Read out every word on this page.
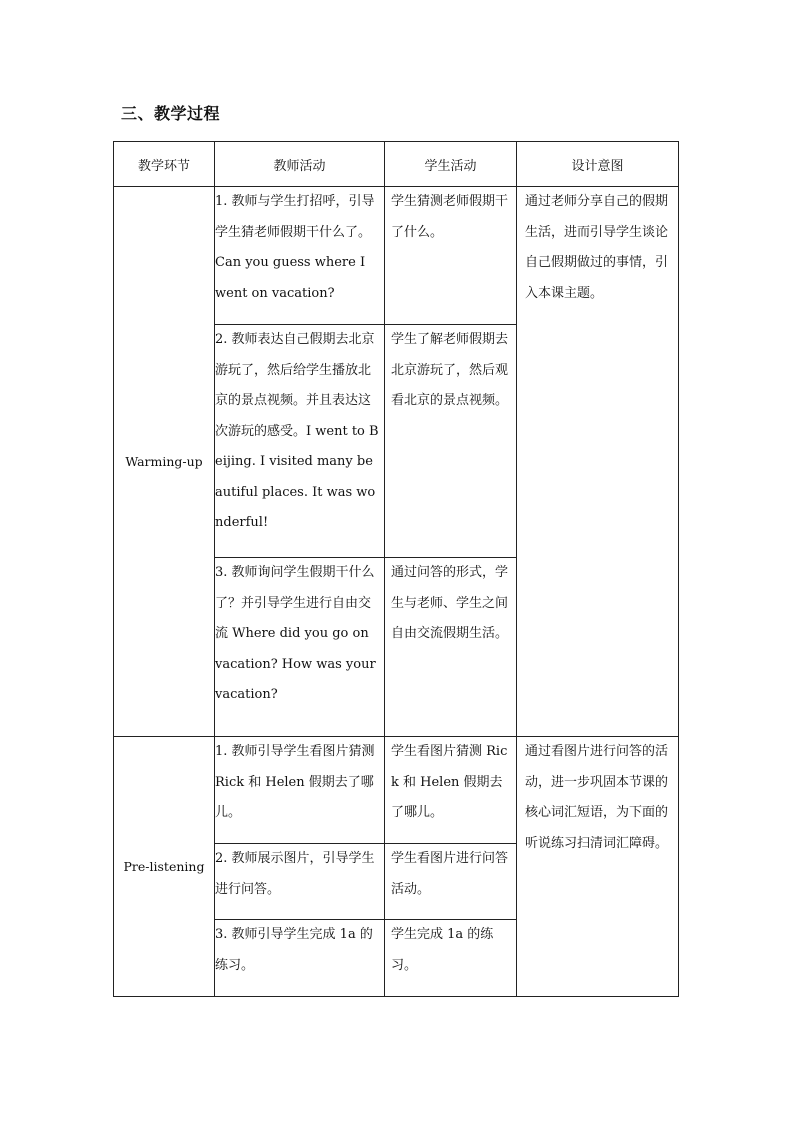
三、教学过程
教学环节	教师活动	学生活动	设计意图
Warming-up	1. 教师与学生打招呼，引导学生猜老师假期干什么了。Can you guess where I went on vacation?	学生猜测老师假期干了什么。	通过老师分享自己的假期生活，进而引导学生谈论自己假期做过的事情，引入本课主题。
	2. 教师表达自己假期去北京游玩了，然后给学生播放北京的景点视频。并且表达这次游玩的感受。I went to Beijing. I visited many beautiful places. It was wonderful!	学生了解老师假期去北京游玩了，然后观看北京的景点视频。	
	3. 教师询问学生假期干什么了？并引导学生进行自由交流 Where did you go on vacation? How was your vacation?	通过问答的形式，学生与老师、学生之间自由交流假期生活。	
Pre-listening	1. 教师引导学生看图片猜测 Rick 和 Helen 假期去了哪儿。	学生看图片猜测 Rick 和 Helen 假期去了哪儿。	通过看图片进行问答的活动，进一步巩固本节课的核心词汇短语，为下面的听说练习扫清词汇障碍。
	2. 教师展示图片，引导学生进行问答。	学生看图片进行问答活动。	
	3. 教师引导学生完成 1a 的练习。	学生完成 1a 的练习。	
